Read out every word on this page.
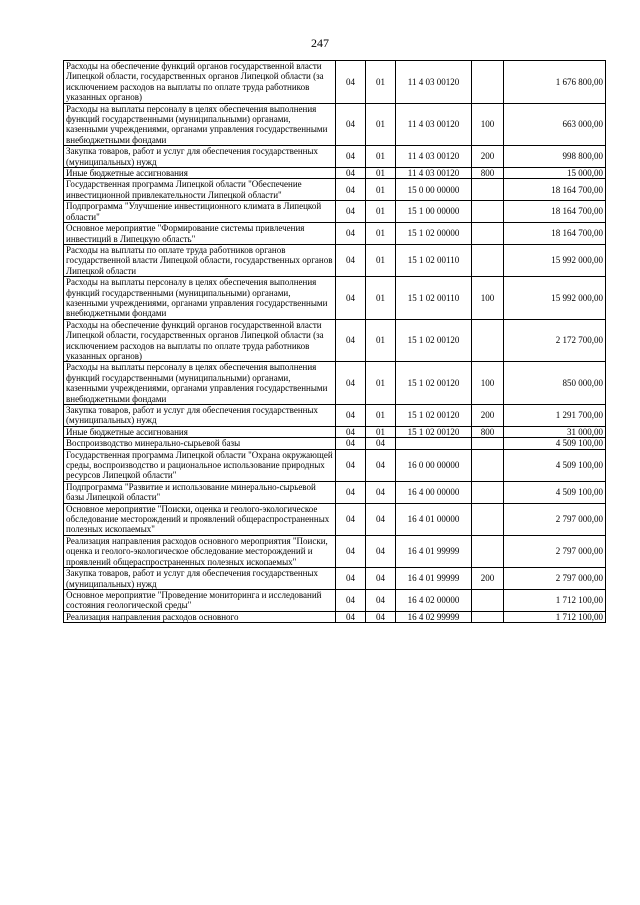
247
Расходы на обеспечение функций органов государственной власти Липецкой области, государственных органов Липецкой области (за исключением расходов на выплаты по оплате труда работников указанных органов)	04	01	11 4 03 00120		1 676 800,00
Расходы на выплаты персоналу в целях обеспечения выполнения функций государственными (муниципальными) органами, казенными учреждениями, органами управления государственными внебюджетными фондами	04	01	11 4 03 00120	100	663 000,00
Закупка товаров, работ и услуг для обеспечения государственных (муниципальных) нужд	04	01	11 4 03 00120	200	998 800,00
Иные бюджетные ассигнования	04	01	11 4 03 00120	800	15 000,00
Государственная программа Липецкой области "Обеспечение инвестиционной привлекательности Липецкой области"	04	01	15 0 00 00000		18 164 700,00
Подпрограмма "Улучшение инвестиционного климата в Липецкой области"	04	01	15 1 00 00000		18 164 700,00
Основное мероприятие "Формирование системы привлечения инвестиций в Липецкую область"	04	01	15 1 02 00000		18 164 700,00
Расходы на выплаты по оплате труда работников органов государственной власти Липецкой области, государственных органов Липецкой области	04	01	15 1 02 00110		15 992 000,00
Расходы на выплаты персоналу в целях обеспечения выполнения функций государственными (муниципальными) органами, казенными учреждениями, органами управления государственными внебюджетными фондами	04	01	15 1 02 00110	100	15 992 000,00
Расходы на обеспечение функций органов государственной власти Липецкой области, государственных органов Липецкой области (за исключением расходов на выплаты по оплате труда работников указанных органов)	04	01	15 1 02 00120		2 172 700,00
Расходы на выплаты персоналу в целях обеспечения выполнения функций государственными (муниципальными) органами, казенными учреждениями, органами управления государственными внебюджетными фондами	04	01	15 1 02 00120	100	850 000,00
Закупка товаров, работ и услуг для обеспечения государственных (муниципальных) нужд	04	01	15 1 02 00120	200	1 291 700,00
Иные бюджетные ассигнования	04	01	15 1 02 00120	800	31 000,00
Воспроизводство минерально-сырьевой базы	04	04			4 509 100,00
Государственная программа Липецкой области "Охрана окружающей среды, воспроизводство и рациональное использование природных ресурсов Липецкой области"	04	04	16 0 00 00000		4 509 100,00
Подпрограмма "Развитие и использование минерально-сырьевой базы Липецкой области"	04	04	16 4 00 00000		4 509 100,00
Основное мероприятие "Поиски, оценка и геолого-экологическое обследование месторождений и проявлений общераспространенных полезных ископаемых"	04	04	16 4 01 00000		2 797 000,00
Реализация направления расходов основного мероприятия "Поиски, оценка и геолого-экологическое обследование месторождений и проявлений общераспространенных полезных ископаемых"	04	04	16 4 01 99999		2 797 000,00
Закупка товаров, работ и услуг для обеспечения государственных (муниципальных) нужд	04	04	16 4 01 99999	200	2 797 000,00
Основное мероприятие "Проведение мониторинга и исследований состояния геологической среды"	04	04	16 4 02 00000		1 712 100,00
Реализация направления расходов основного	04	04	16 4 02 99999		1 712 100,00
